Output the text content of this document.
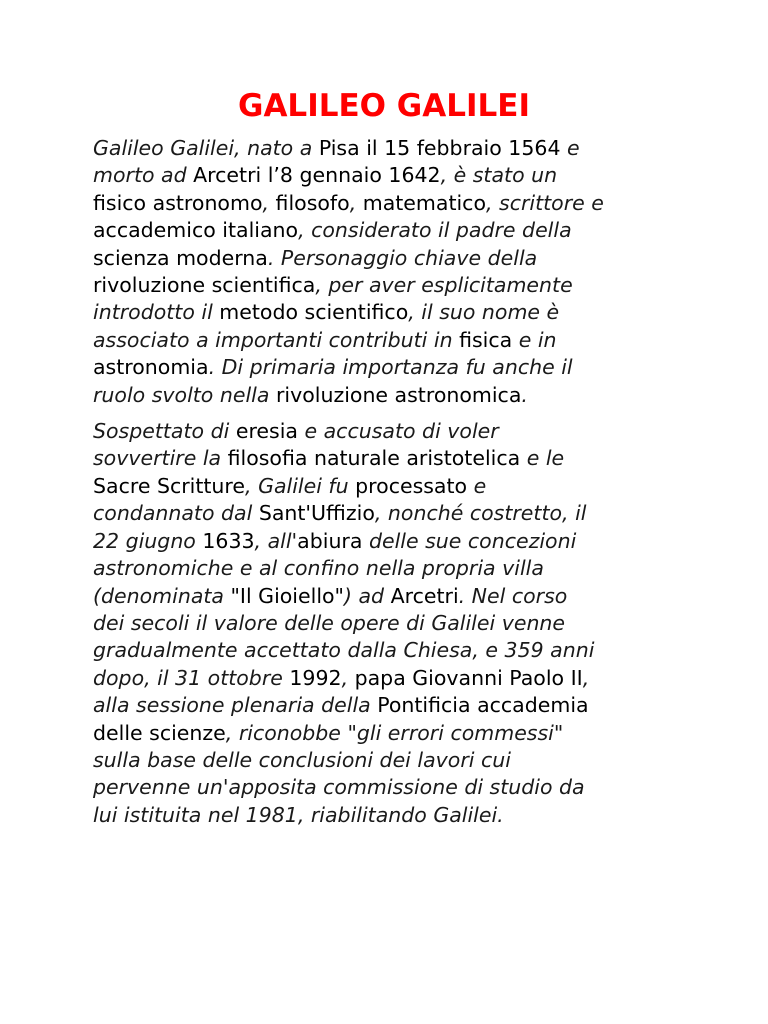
GALILEO GALILEI

Galileo Galilei, nato a Pisa il 15 febbraio 1564 e
morto ad Arcetri l’8 gennaio 1642, è stato un
fisico astronomo, filosofo, matematico, scrittore e
accademico italiano, considerato il padre della
scienza moderna. Personaggio chiave della
rivoluzione scientifica, per aver esplicitamente
introdotto il metodo scientifico, il suo nome è
associato a importanti contributi in fisica e in
astronomia. Di primaria importanza fu anche il
ruolo svolto nella rivoluzione astronomica.

Sospettato di eresia e accusato di voler
sovvertire la filosofia naturale aristotelica e le
Sacre Scritture, Galilei fu processato e
condannato dal Sant'Uffizio, nonché costretto, il
22 giugno 1633, all'abiura delle sue concezioni
astronomiche e al confino nella propria villa
(denominata "Il Gioiello") ad Arcetri. Nel corso
dei secoli il valore delle opere di Galilei venne
gradualmente accettato dalla Chiesa, e 359 anni
dopo, il 31 ottobre 1992, papa Giovanni Paolo II,
alla sessione plenaria della Pontificia accademia
delle scienze, riconobbe "gli errori commessi"
sulla base delle conclusioni dei lavori cui
pervenne un'apposita commissione di studio da
lui istituita nel 1981, riabilitando Galilei.
